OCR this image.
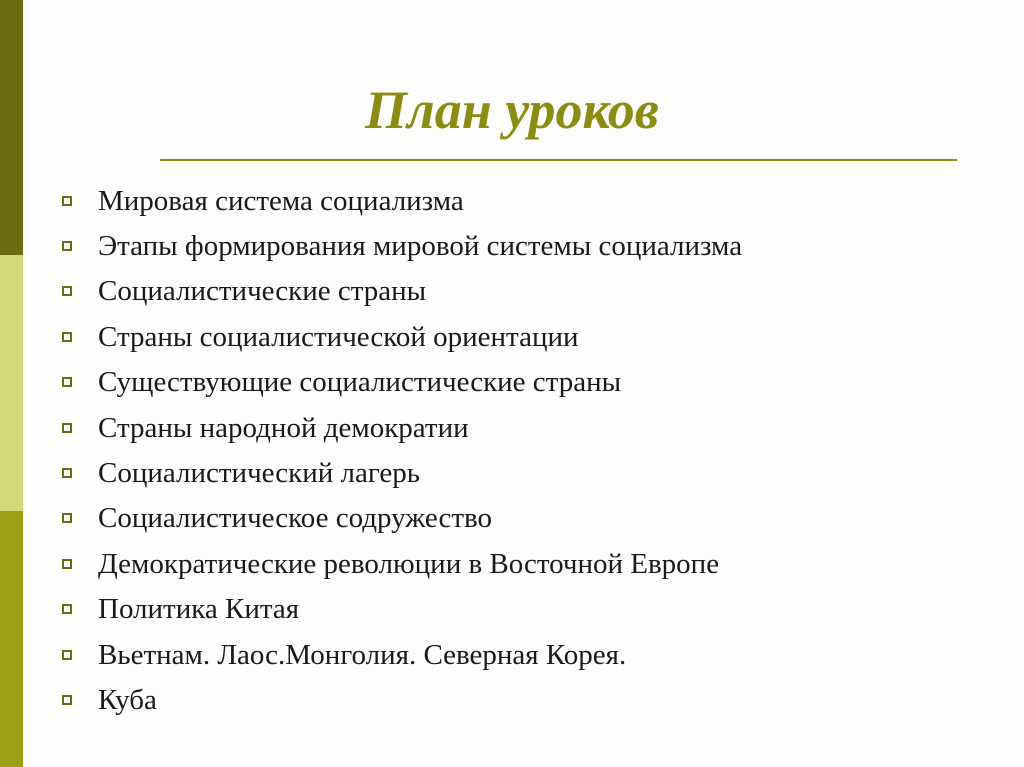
План уроков
Мировая система социализма
Этапы формирования мировой системы социализма
Социалистические страны
Страны социалистической ориентации
Существующие социалистические страны
Страны народной демократии
Социалистический лагерь
Социалистическое содружество
Демократические революции в Восточной Европе
Политика Китая
Вьетнам. Лаос.Монголия. Северная Корея.
Куба
